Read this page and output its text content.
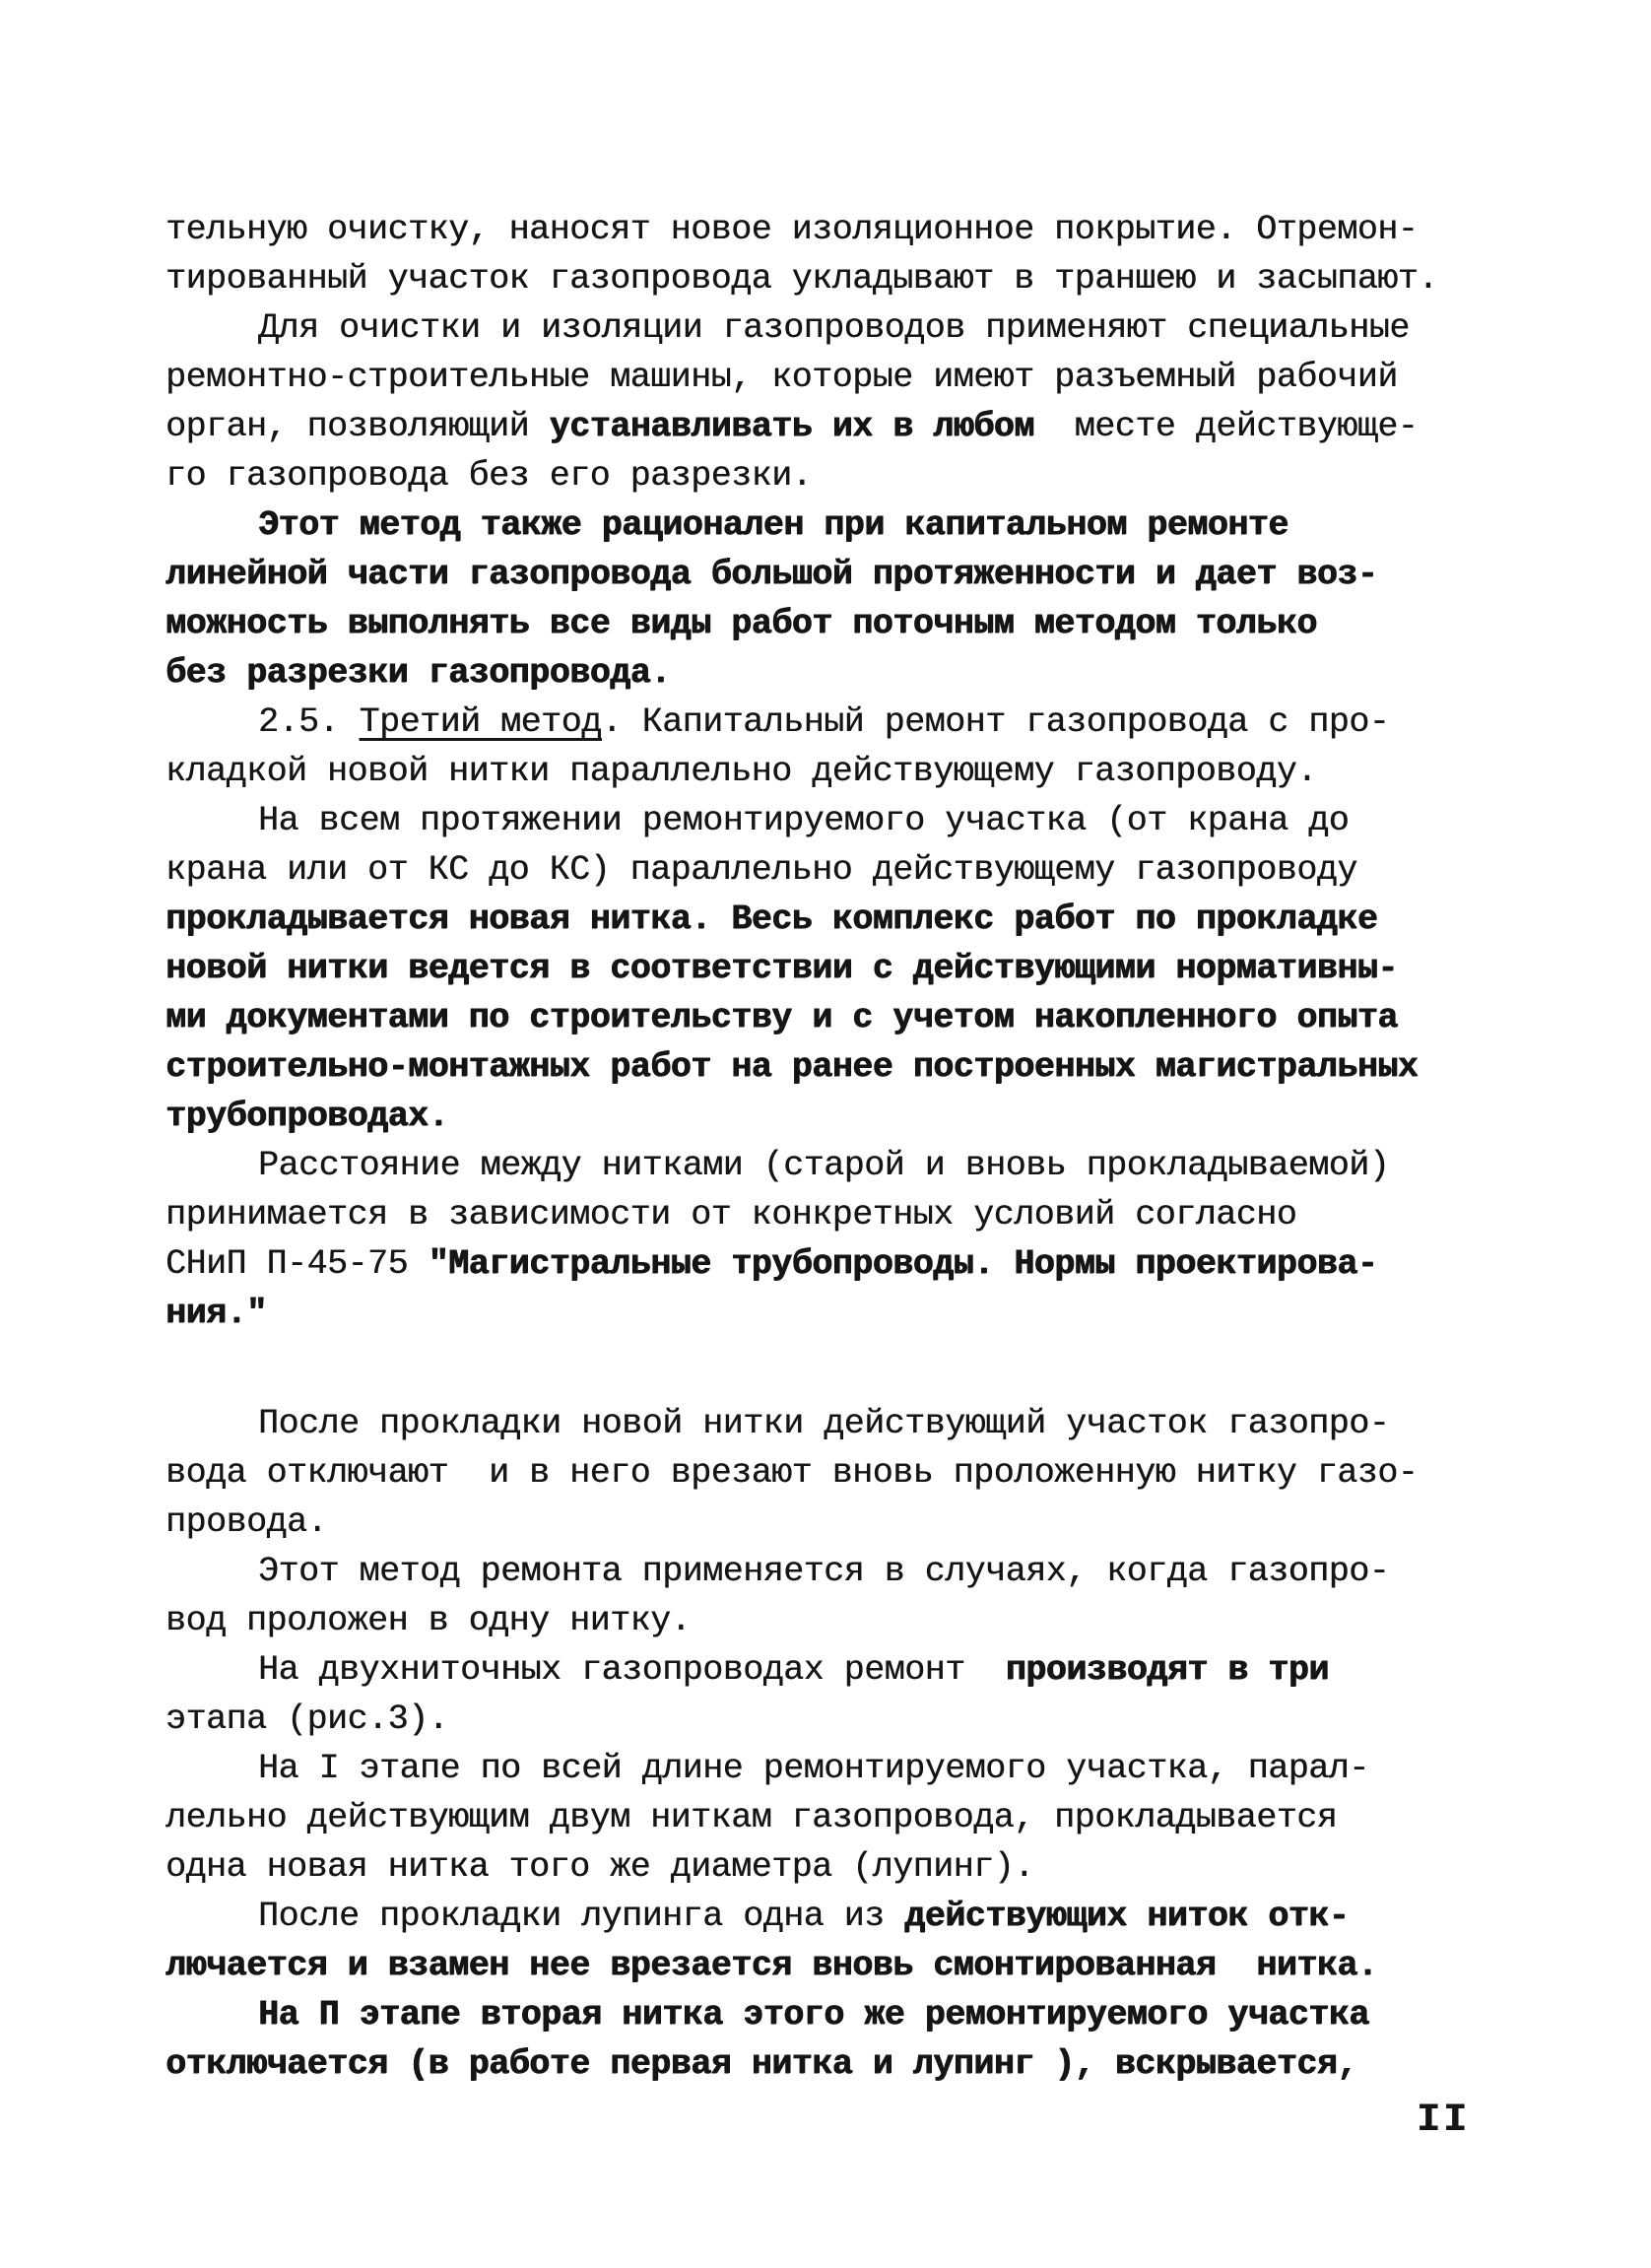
тельную очистку, наносят новое изоляционное покрытие. Отремон-
тированный участок газопровода укладывают в траншею и засыпают.
Для очистки и изоляции газопроводов применяют специальные
ремонтно-строительные машины, которые имеют разъемный рабочий
орган, позволяющий устанавливать их в любом  месте действующе-
го газопровода без его разрезки.
Этот метод также рационален при капитальном ремонте
линейной части газопровода большой протяженности и дает воз-
можность выполнять все виды работ поточным методом только
без разрезки газопровода.
2.5. Третий метод. Капитальный ремонт газопровода с про-
кладкой новой нитки параллельно действующему газопроводу.
На всем протяжении ремонтируемого участка (от крана до
крана или от КС до КС) параллельно действующему газопроводу
прокладывается новая нитка. Весь комплекс работ по прокладке
новой нитки ведется в соответствии с действующими нормативны-
ми документами по строительству и с учетом накопленного опыта
строительно-монтажных работ на ранее построенных магистральных
трубопроводах.
Расстояние между нитками (старой и вновь прокладываемой)
принимается в зависимости от конкретных условий согласно
СНиП П-45-75 "Магистральные трубопроводы. Нормы проектирова-
ния."
После прокладки новой нитки действующий участок газопро-
вода отключают  и в него врезают вновь проложенную нитку газо-
провода.
Этот метод ремонта применяется в случаях, когда газопро-
вод проложен в одну нитку.
На двухниточных газопроводах ремонт  производят в три
этапа (рис.3).
На I этапе по всей длине ремонтируемого участка, парал-
лельно действующим двум ниткам газопровода, прокладывается
одна новая нитка того же диаметра (лупинг).
После прокладки лупинга одна из действующих ниток отк-
лючается и взамен нее врезается вновь смонтированная  нитка.
На П этапе вторая нитка этого же ремонтируемого участка
отключается (в работе первая нитка и лупинг ), вскрывается,
II
